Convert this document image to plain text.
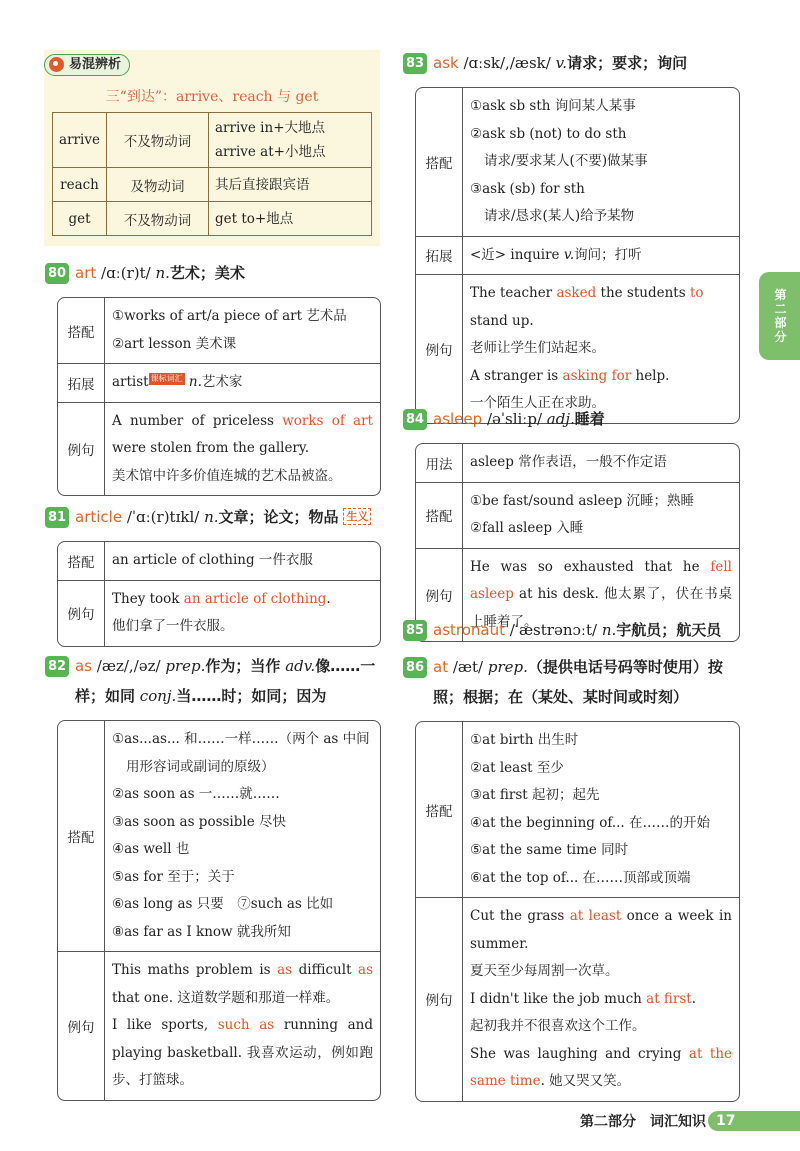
易混辨析
三“到达”：arrive、reach 与 get
arrive	不及物动词	arrive in+大地点
arrive at+小地点

reach	及物动词	其后直接跟宾语
get	不及物动词	get to+地点
80 art /ɑː(r)t/ n.艺术；美术
搭配
①works of art/a piece of art 艺术品
②art lesson 美术课
拓展	artist 课标词汇 n.艺术家
例句
A number of priceless works of art were stolen from the gallery.
美术馆中许多价值连城的艺术品被盗。
81 article /ˈɑː(r)tɪkl/ n.文章；论文；物品 生义
搭配	an article of clothing 一件衣服
例句
They took an article of clothing.
他们拿了一件衣服。
82 as /æz/,/əz/ prep.作为；当作 adv.像……一
样；如同 conj.当……时；如同；因为
搭配
①as...as... 和……一样……（两个 as 中间
用形容词或副词的原级）
②as soon as 一……就……
③as soon as possible 尽快
④as well 也
⑤as for 至于；关于
⑥as long as 只要　⑦such as 比如
⑧as far as I know 就我所知
例句
This maths problem is as difficult as that one. 这道数学题和那道一样难。
I like sports, such as running and playing basketball. 我喜欢运动，例如跑步、打篮球。
83 ask /ɑːsk/,/æsk/ v.请求；要求；询问
搭配
①ask sb sth 询问某人某事
②ask sb (not) to do sth
请求/要求某人(不要)做某事
③ask (sb) for sth
请求/恳求(某人)给予某物
拓展	<近> inquire v.询问；打听
例句
The teacher asked the students to stand up.
老师让学生们站起来。
A stranger is asking for help.
一个陌生人正在求助。
84 asleep /əˈsliːp/ adj.睡着
用法	asleep 常作表语，一般不作定语
搭配
①be fast/sound asleep 沉睡；熟睡
②fall asleep 入睡
例句
He was so exhausted that he fell asleep at his desk. 他太累了，伏在书桌上睡着了。
85 astronaut /ˈæstrənɔːt/ n.宇航员；航天员
86 at /æt/ prep.（提供电话号码等时使用）按
照；根据；在（某处、某时间或时刻）
搭配
①at birth 出生时
②at least 至少
③at first 起初；起先
④at the beginning of... 在……的开始
⑤at the same time 同时
⑥at the top of... 在……顶部或顶端
例句
Cut the grass at least once a week in summer.
夏天至少每周割一次草。
I didn't like the job much at first.
起初我并不很喜欢这个工作。
She was laughing and crying at the same time. 她又哭又笑。
第
二
部
分
第二部分　词汇知识 17
